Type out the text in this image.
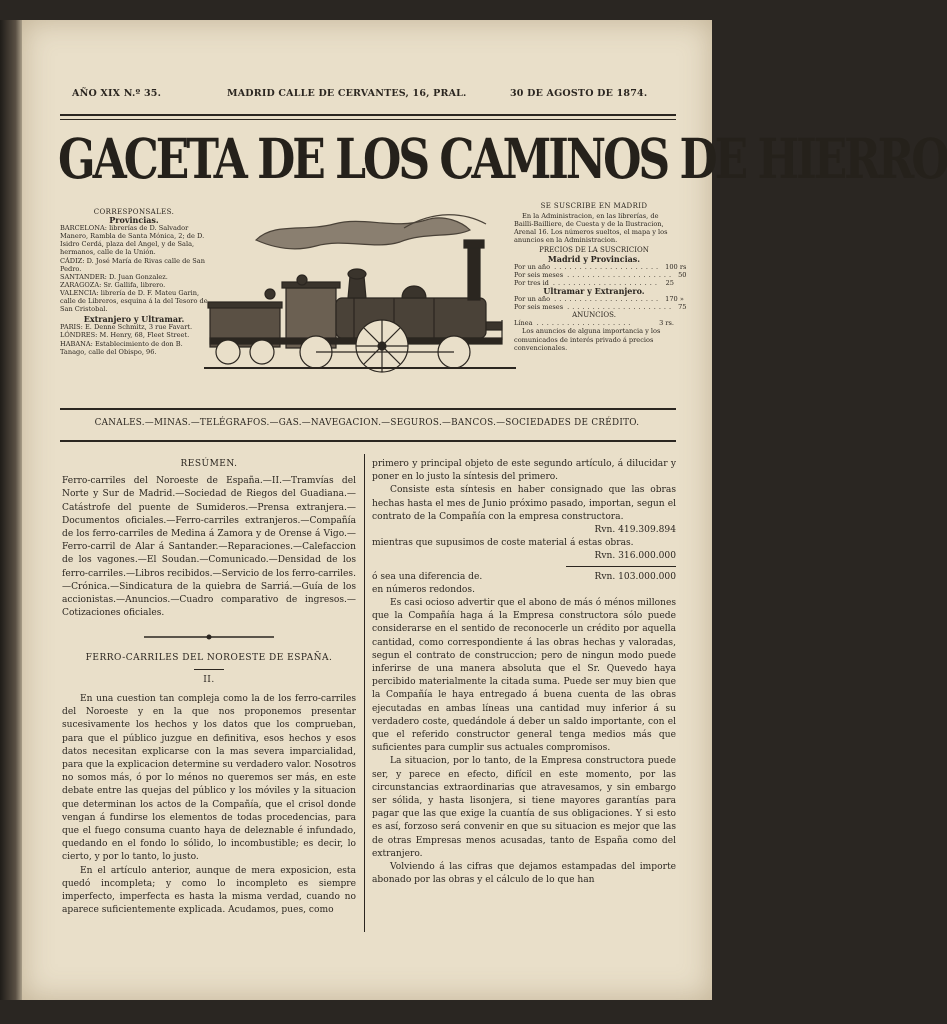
AÑO XIX N.º 35.	MADRID CALLE DE CERVANTES, 16, PRAL.	30 DE AGOSTO DE 1874.
GACETA DE LOS CAMINOS DE HIERRO
CORRESPONSALES.
Provincias.
BARCELONA: librerías de D. Salvador Manero, Rambla de Santa Mónica, 2; de D. Isidro Cerdá, plaza del Angel, y de Sala, hermanos, calle de la Unión.
CÁDIZ: D. José María de Rivas calle de San Pedro.
SANTANDER: D. Juan Gonzalez.
ZARAGOZA: Sr. Gallifa, librero.
VALENCIA: librería de D. F. Mateu Garin, calle de Libreros, esquina á la del Tesoro de San Cristobal.
Extranjero y Ultramar.
PARIS: E. Denne Schmitz, 3 rue Favart.
LÓNDRES: M. Henry, 68, Fleet Street.
HABANA: Establecimiento de don B. Tanago, calle del Obispo, 96.
SE SUSCRIBE EN MADRID
En la Administracion, en las librerías, de Bailli-Bailliere, de Cuesta y de la Ilustracion, Arenal 16. Los números sueltos, el mapa y los anuncios en la Administracion.
PRECIOS DE LA SUSCRICION
Madrid y Provincias.
Por un año ..................... 100 rs
Por seis meses ..................... 50
Por tres id ..................... 25
Ultramar y Extranjero.
Por un año ..................... 170 »
Por seis meses ..................... 75
ANUNCIOS.
Línea ...................	3 rs.
Los anuncios de alguna importancia y los comunicados de interés privado á precios convencionales.
CANALES.—MINAS.—TELÉGRAFOS.—GAS.—NAVEGACION.—SEGUROS.—BANCOS.—SOCIEDADES DE CRÉDITO.
RESÚMEN.

Ferro-carriles del Noroeste de España.—II.—Tramvías del Norte y Sur de Madrid.—Sociedad de Riegos del Guadiana.—Catástrofe del puente de Sumideros.—Prensa extranjera.—Documentos oficiales.—Ferro-carriles extranjeros.—Compañía de los ferro-carriles de Medina á Zamora y de Orense á Vigo.—Ferro-carril de Alar á Santander.—Reparaciones.—Calefaccion de los vagones.—El Soudan.—Comunicado.—Densidad de los ferro-carriles.—Libros recibidos.—Servicio de los ferro-carriles.—Crónica.—Sindicatura de la quiebra de Sarriá.—Guía de los accionistas.—Anuncios.—Cuadro comparativo de ingresos.—Cotizaciones oficiales.

FERRO-CARRILES DEL NOROESTE DE ESPAÑA.
II.

En una cuestion tan compleja como la de los ferro-carriles del Noroeste y en la que nos proponemos presentar sucesivamente los hechos y los datos que los comprueban, para que el público juzgue en definitiva, esos hechos y esos datos necesitan explicarse con la mas severa imparcialidad, para que la explicacion determine su verdadero valor. Nosotros no somos más, ó por lo ménos no queremos ser más, en este debate entre las quejas del público y los móviles y la situacion que determinan los actos de la Compañía, que el crisol donde vengan á fundirse los elementos de todas procedencias, para que el fuego consuma cuanto haya de deleznable é infundado, quedando en el fondo lo sólido, lo incombustible; es decir, lo cierto, y por lo tanto, lo justo.

En el artículo anterior, aunque de mera exposicion, esta quedó incompleta; y como lo incompleto es siempre imperfecto, imperfecta es hasta la misma verdad, cuando no aparece suficientemente explicada. Acudamos, pues, como

primero y principal objeto de este segundo artículo, á dilucidar y poner en lo justo la síntesis del primero.

Consiste esta síntesis en haber consignado que las obras hechas hasta el mes de Junio próximo pasado, importan, segun el contrato de la Compañía con la empresa constructora.

Rvn. 419.309.894

mientras que supusimos de coste material á estas obras.

Rvn. 316.000.000
ó sea una diferencia de.	Rvn. 103.000.000

en números redondos.

Es casi ocioso advertir que el abono de más ó ménos millones que la Compañía haga á la Empresa constructora sólo puede considerarse en el sentido de reconocerle un crédito por aquella cantidad, como correspondiente á las obras hechas y valoradas, segun el contrato de construccion; pero de ningun modo puede inferirse de una manera absoluta que el Sr. Quevedo haya percibido materialmente la citada suma. Puede ser muy bien que la Compañía le haya entregado á buena cuenta de las obras ejecutadas en ambas líneas una cantidad muy inferior á su verdadero coste, quedándole á deber un saldo importante, con el que el referido constructor general tenga medios más que suficientes para cumplir sus actuales compromisos.

La situacion, por lo tanto, de la Empresa constructora puede ser, y parece en efecto, difícil en este momento, por las circunstancias extraordinarias que atravesamos, y sin embargo ser sólida, y hasta lisonjera, si tiene mayores garantías para pagar que las que exige la cuantía de sus obligaciones. Y si esto es así, forzoso será convenir en que su situacion es mejor que las de otras Empresas menos acusadas, tanto de España como del extranjero.

Volviendo á las cifras que dejamos estampadas del importe abonado por las obras y el cálculo de lo que han
